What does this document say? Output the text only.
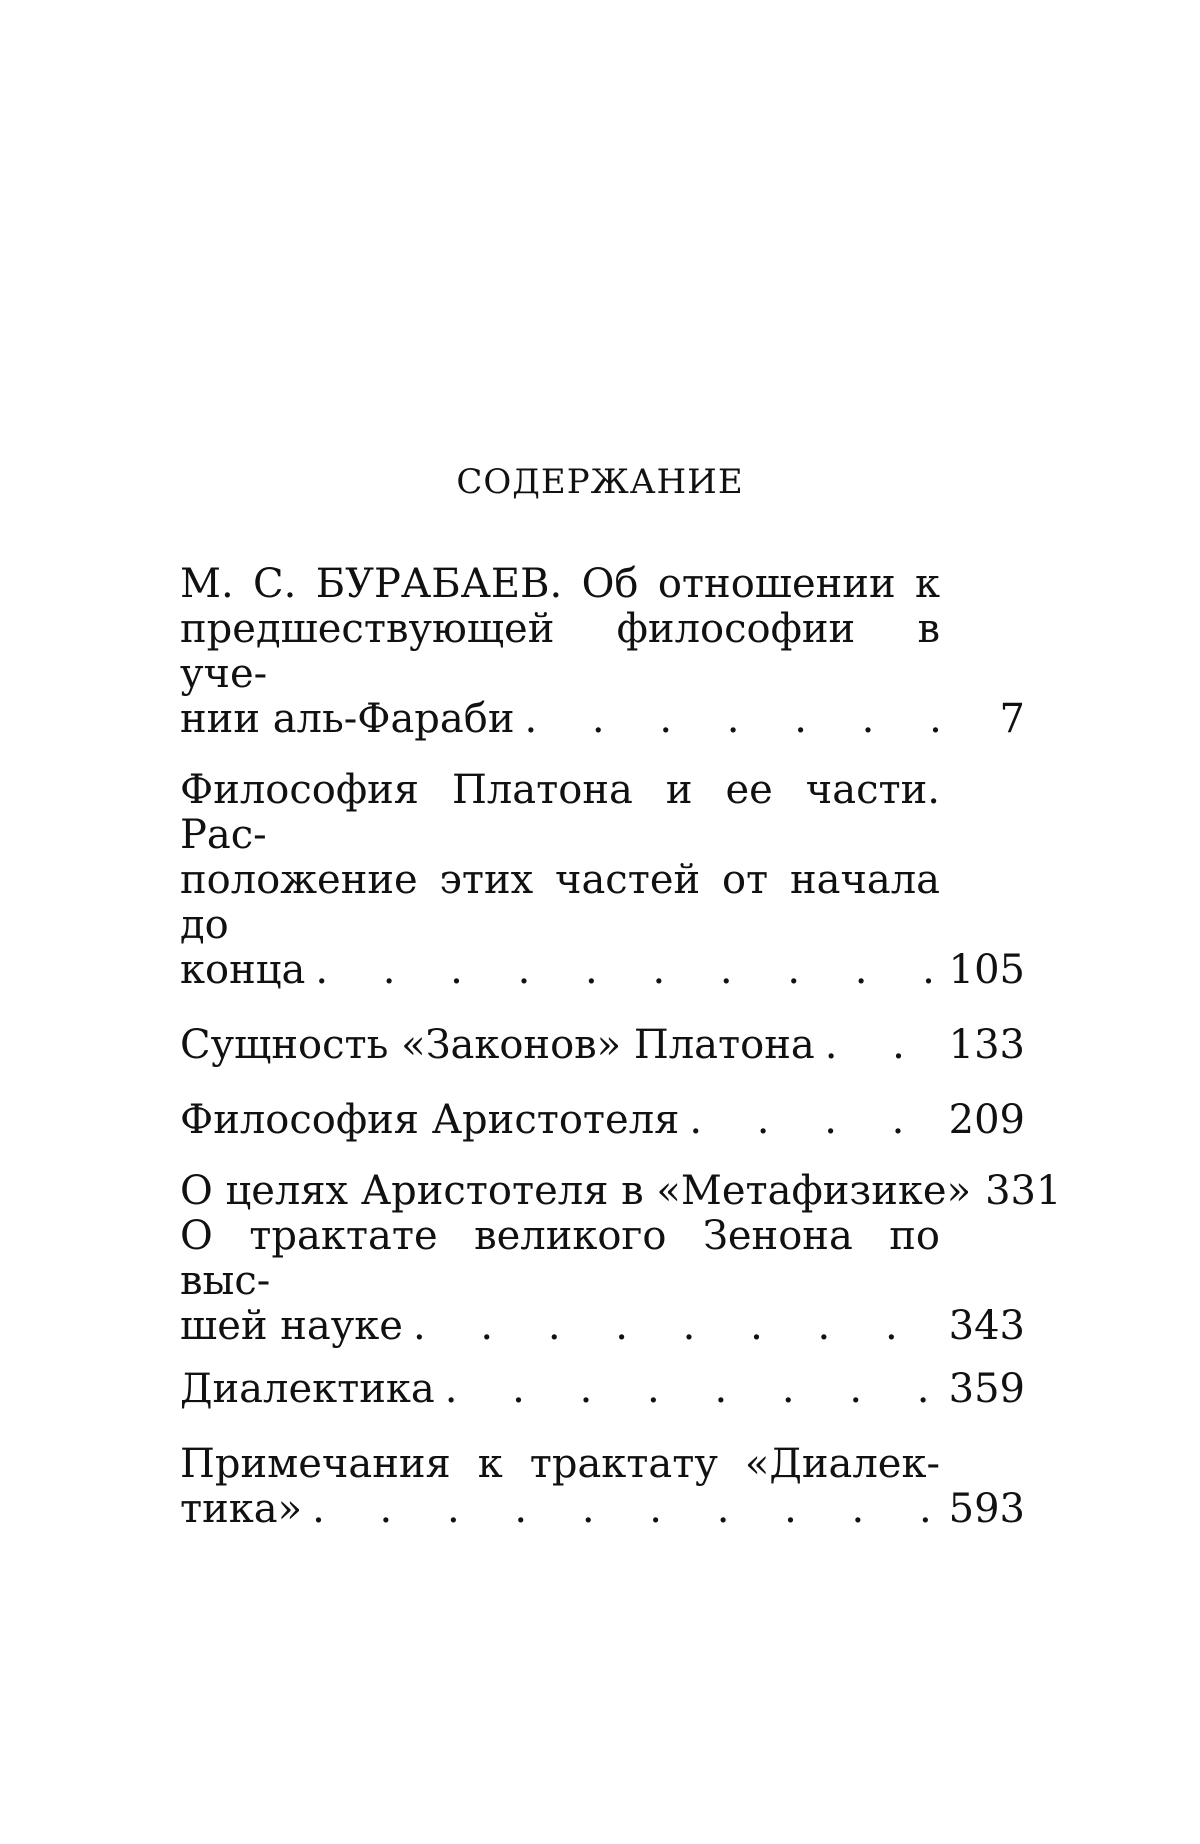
СОДЕРЖАНИЕ
М. С. БУРАБАЕВ. Об отношении к
предшествующей философии в уче-
нии аль-Фараби . .	7
Философия Платона и ее части. Рас-
положение этих частей от начала до
конца . .	105
Сущность «Законов» Платона . .	133
Философия Аристотеля . .	209
О целях Аристотеля в «Метафизике» . . 331
О трактате великого Зенона по выс-
шей науке . .	343
Диалектика . .	359
Примечания к трактату «Диалек-
тика» . .	593
